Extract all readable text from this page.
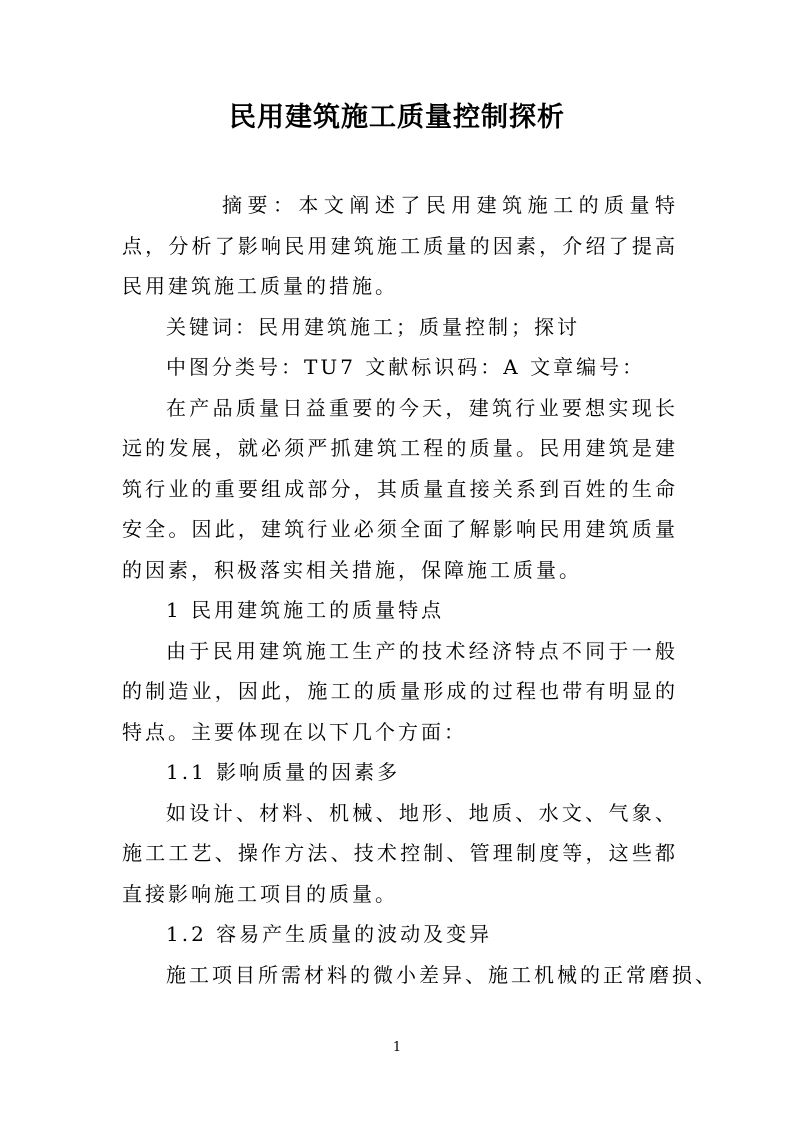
民用建筑施工质量控制探析

摘要：本文阐述了民用建筑施工的质量特点，分析了影响民用建筑施工质量的因素，介绍了提高民用建筑施工质量的措施。

关键词：民用建筑施工；质量控制；探讨

中图分类号：TU7 文献标识码：A 文章编号：

在产品质量日益重要的今天，建筑行业要想实现长远的发展，就必须严抓建筑工程的质量。民用建筑是建筑行业的重要组成部分，其质量直接关系到百姓的生命安全。因此，建筑行业必须全面了解影响民用建筑质量的因素，积极落实相关措施，保障施工质量。

1 民用建筑施工的质量特点

由于民用建筑施工生产的技术经济特点不同于一般的制造业，因此，施工的质量形成的过程也带有明显的特点。主要体现在以下几个方面：

1.1 影响质量的因素多

如设计、材料、机械、地形、地质、水文、气象、施工工艺、操作方法、技术控制、管理制度等，这些都直接影响施工项目的质量。

1.2 容易产生质量的波动及变异

施工项目所需材料的微小差异、施工机械的正常磨损、

1
